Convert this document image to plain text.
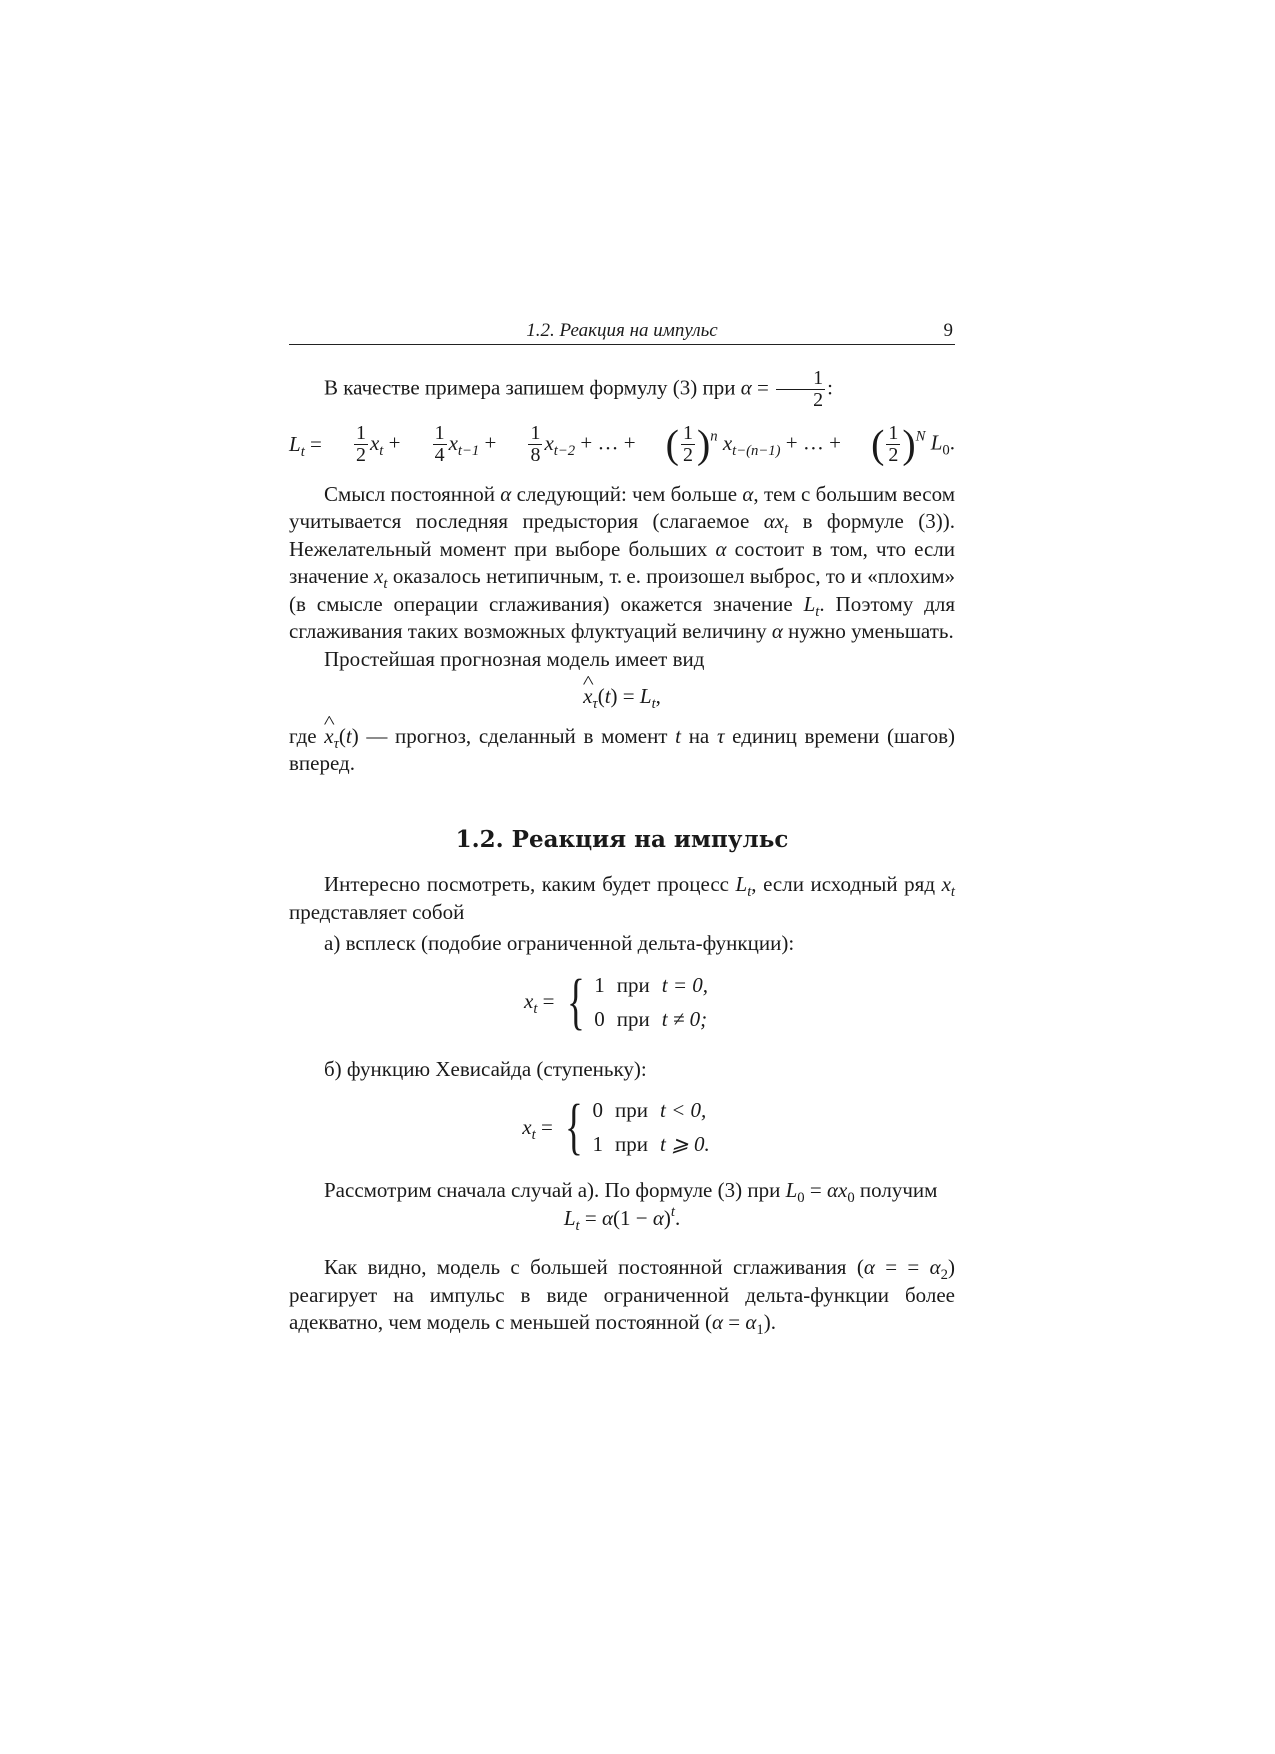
1.2. Реакция на импульс	9

В качестве примера запишем формулу (3) при $\alpha = \frac{1}{2}$ :

$L_t = \frac{1}{2} x_t + \frac{1}{4} x_{t-1} + \frac{1}{8} x_{t-2}$ + … + ( $\frac{1}{2} )^n$ $x_{t-(n-1)}$ + … + ( $\frac{1}{2} )^N$ $L_0$.

Смысл постоянной α следующий: чем больше α, тем с большим весом учитывается последняя предыстория (слагаемое $\alpha x_t$ в формуле (3)). Нежелательный момент при выборе больших α состоит в том, что если значение $x_t$ оказалось нетипичным, т. е. произошел выброс, то и «плохим» (в смысле операции сглаживания) окажется значение $L_t$. Поэтому для сглаживания таких возможных флуктуаций величину α нужно уменьшать.

Простейшая прогнозная модель имеет вид

^ $x_\tau(t) = L_t$,

где ^ $x_\tau(t)$ — прогноз, сделанный в момент t на τ единиц времени (шагов) вперед.

1.2. Реакция на импульс

Интересно посмотреть, каким будет процесс $L_t$, если исходный ряд $x_t$ представляет собой

а) всплеск (подобие ограниченной дельта-функции):

$x_t$ = { 1	при	t = 0,
0	при	t ≠ 0;

б) функцию Хевисайда (ступеньку):

$x_t$ = { 0	при	t < 0,
1	при	t ⩾ 0.

Рассмотрим сначала случай а). По формуле (3) при $L_0 = \alpha x_0$ получим

$L_t = \alpha(1 - \alpha)^t$.

Как видно, модель с большей постоянной сглаживания (α = = $\alpha_2$) реагирует на импульс в виде ограниченной дельта-функции более адекватно, чем модель с меньшей постоянной $(\alpha = \alpha_1)$.
